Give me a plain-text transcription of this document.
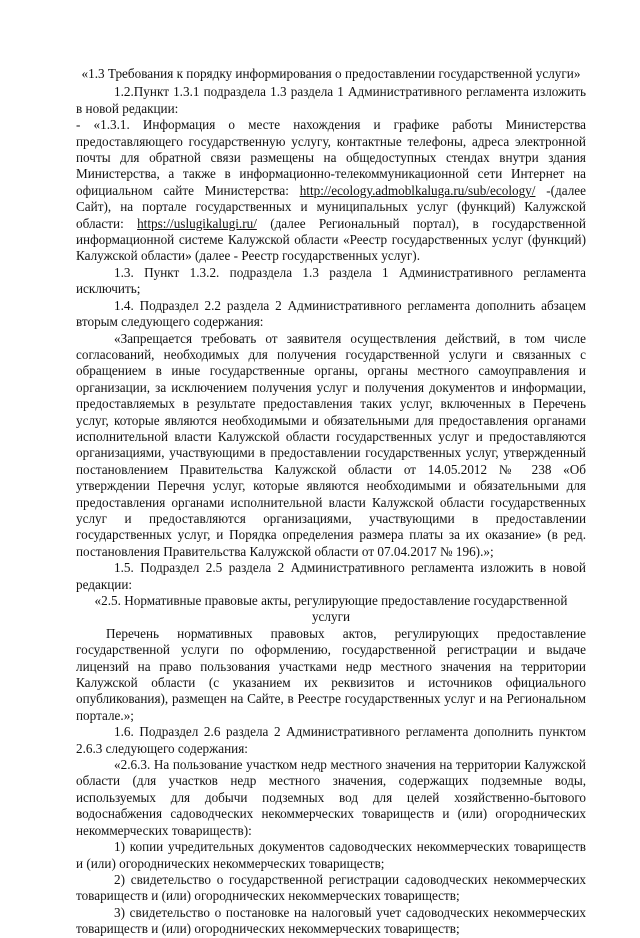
«1.3 Требования к порядку информирования о предоставлении государственной услуги»

1.2.Пункт 1.3.1 подраздела 1.3 раздела 1 Административного регламента изложить в новой редакции:

- «1.3.1. Информация о месте нахождения и графике работы Министерства предоставляющего государственную услугу, контактные телефоны, адреса электронной почты для обратной связи размещены на общедоступных стендах внутри здания Министерства, а также в информационно-телекоммуникационной сети Интернет на официальном сайте Министерства: http://ecology.admoblkaluga.ru/sub/ecology/ -(далее Сайт), на портале государственных и муниципальных услуг (функций) Калужской области: https://uslugikalugi.ru/ (далее Региональный портал), в государственной информационной системе Калужской области «Реестр государственных услуг (функций) Калужской области» (далее - Реестр государственных услуг).

1.3. Пункт 1.3.2. подраздела 1.3 раздела 1 Административного регламента исключить;

1.4. Подраздел 2.2 раздела 2 Административного регламента дополнить абзацем вторым следующего содержания:

«Запрещается требовать от заявителя осуществления действий, в том числе согласований, необходимых для получения государственной услуги и связанных с обращением в иные государственные органы, органы местного самоуправления и организации, за исключением получения услуг и получения документов и информации, предоставляемых в результате предоставления таких услуг, включенных в Перечень услуг, которые являются необходимыми и обязательными для предоставления органами исполнительной власти Калужской области государственных услуг и предоставляются организациями, участвующими в предоставлении государственных услуг, утвержденный постановлением Правительства Калужской области от 14.05.2012 № 238 «Об утверждении Перечня услуг, которые являются необходимыми и обязательными для предоставления органами исполнительной власти Калужской области государственных услуг и предоставляются организациями, участвующими в предоставлении государственных услуг, и Порядка определения размера платы за их оказание» (в ред. постановления Правительства Калужской области от 07.04.2017 № 196).»;

1.5. Подраздел 2.5 раздела 2 Административного регламента изложить в новой редакции:

«2.5. Нормативные правовые акты, регулирующие предоставление государственной услуги

Перечень нормативных правовых актов, регулирующих предоставление государственной услуги по оформлению, государственной регистрации и выдаче лицензий на право пользования участками недр местного значения на территории Калужской области (с указанием их реквизитов и источников официального опубликования), размещен на Сайте, в Реестре государственных услуг и на Региональном портале.»;

1.6. Подраздел 2.6 раздела 2 Административного регламента дополнить пунктом 2.6.3 следующего содержания:

«2.6.3. На пользование участком недр местного значения на территории Калужской области (для участков недр местного значения, содержащих подземные воды, используемых для добычи подземных вод для целей хозяйственно-бытового водоснабжения садоводческих некоммерческих товариществ и (или) огороднических некоммерческих товариществ):

1) копии учредительных документов садоводческих некоммерческих товариществ и (или) огороднических некоммерческих товариществ;

2) свидетельство о государственной регистрации садоводческих некоммерческих товариществ и (или) огороднических некоммерческих товариществ;

3) свидетельство о постановке на налоговый учет садоводческих некоммерческих товариществ и (или) огороднических некоммерческих товариществ;
